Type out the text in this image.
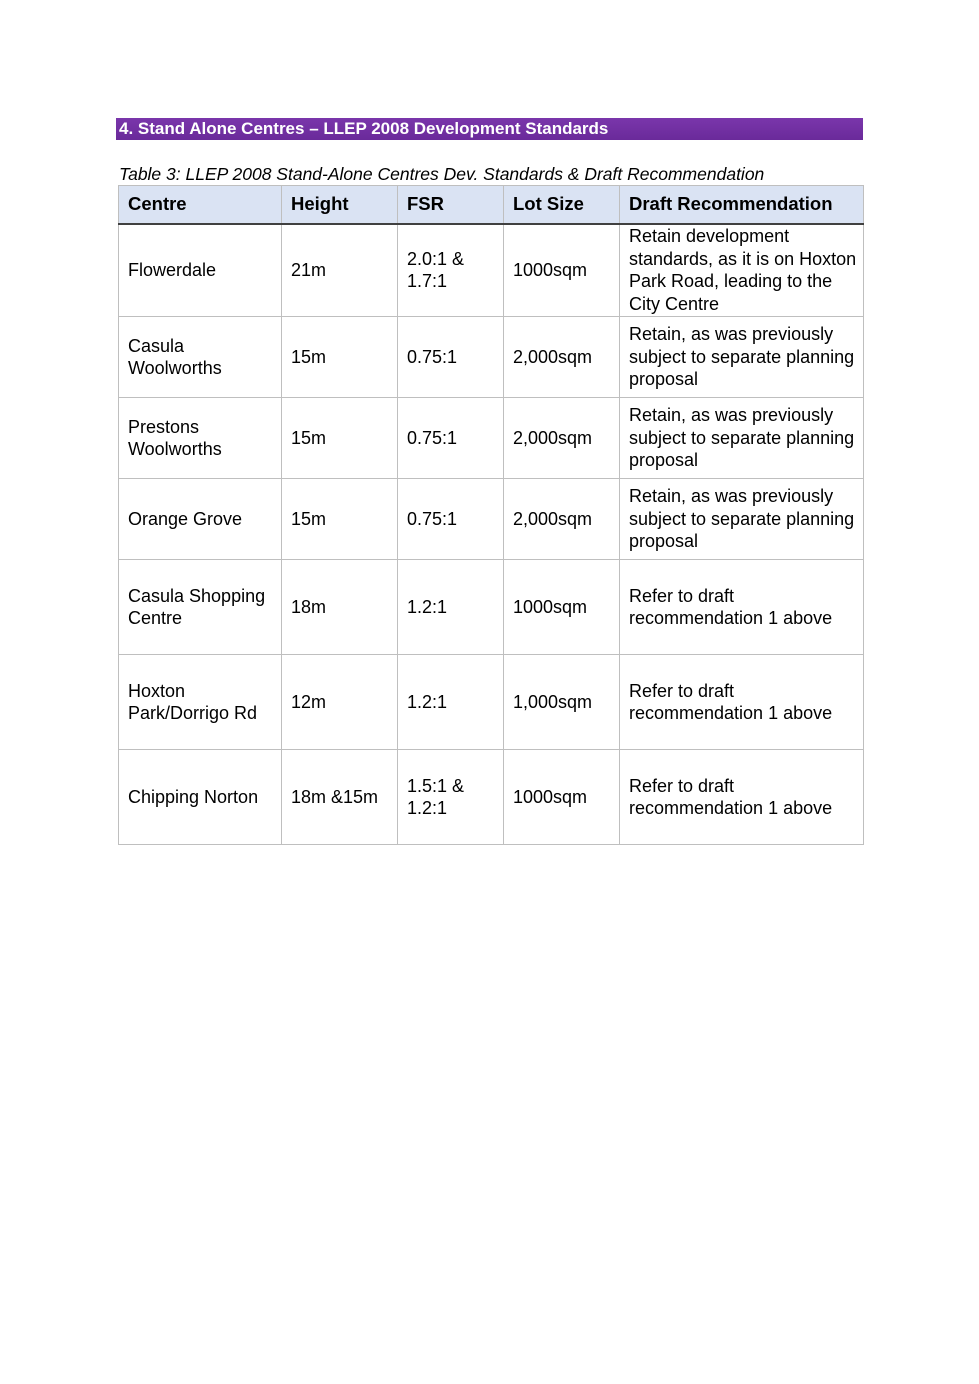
4. Stand Alone Centres – LLEP 2008 Development Standards
Table 3: LLEP 2008 Stand-Alone Centres Dev. Standards & Draft Recommendation
Centre	Height	FSR	Lot Size	Draft Recommendation
Flowerdale	21m	2.0:1 & 1.7:1	1000sqm	Retain development standards, as it is on Hoxton Park Road, leading to the City Centre
Casula Woolworths	15m	0.75:1	2,000sqm	Retain, as was previously subject to separate planning proposal
Prestons Woolworths	15m	0.75:1	2,000sqm	Retain, as was previously subject to separate planning proposal
Orange Grove	15m	0.75:1	2,000sqm	Retain, as was previously subject to separate planning proposal
Casula Shopping Centre	18m	1.2:1	1000sqm	Refer to draft recommendation 1 above
Hoxton Park/Dorrigo Rd	12m	1.2:1	1,000sqm	Refer to draft recommendation 1 above
Chipping Norton	18m &15m	1.5:1 & 1.2:1	1000sqm	Refer to draft recommendation 1 above
